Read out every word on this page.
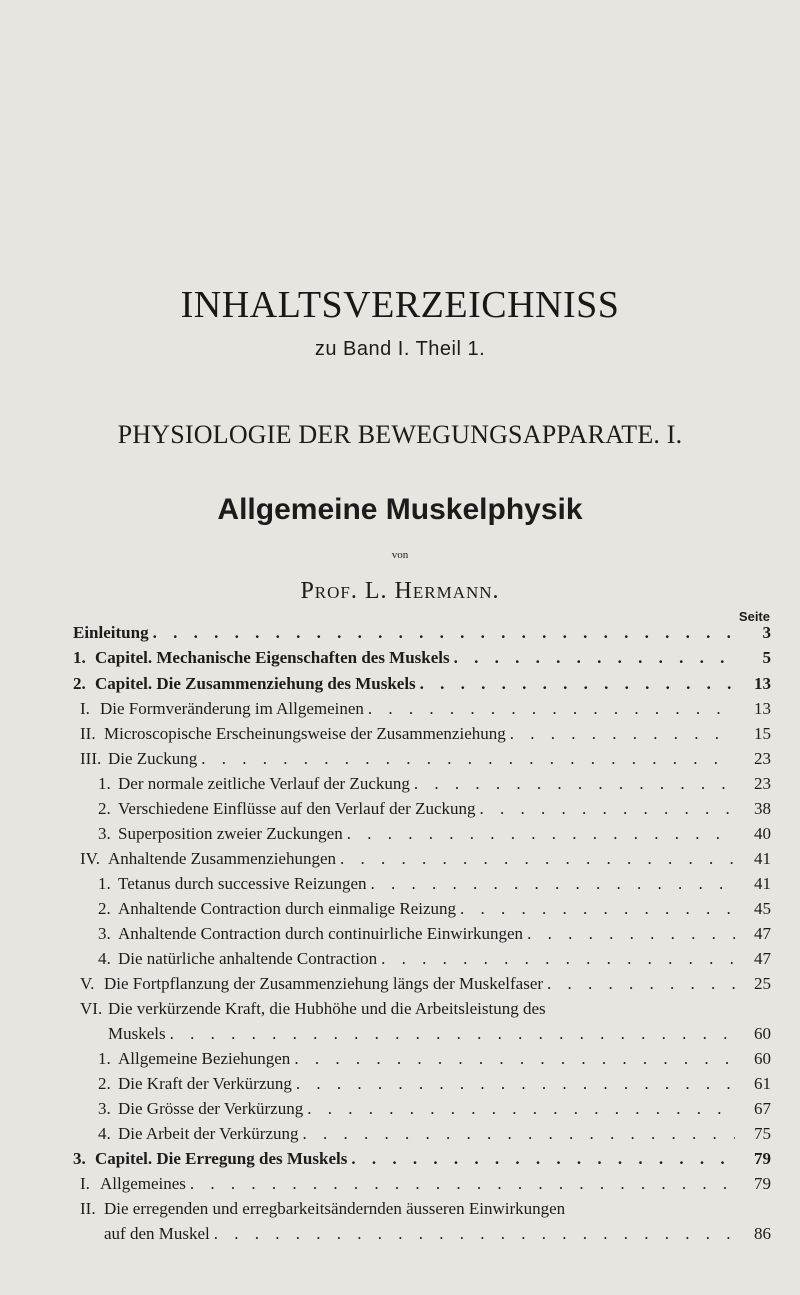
INHALTSVERZEICHNISS
zu Band I. Theil 1.
PHYSIOLOGIE DER BEWEGUNGSAPPARATE. I.
Allgemeine Muskelphysik
von
Prof. L. Hermann.
Seite
Einleitung . . .	3
1. Capitel. Mechanische Eigenschaften des Muskels . . .	5
2. Capitel. Die Zusammenziehung des Muskels . . .	13
I. Die Formveränderung im Allgemeinen . . .	13
II. Microscopische Erscheinungsweise der Zusammenziehung . . .	15
III. Die Zuckung . . .	23
1. Der normale zeitliche Verlauf der Zuckung . . .	23
2. Verschiedene Einflüsse auf den Verlauf der Zuckung . . .	38
3. Superposition zweier Zuckungen . . .	40
IV. Anhaltende Zusammenziehungen . . .	41
1. Tetanus durch successive Reizungen . . .	41
2. Anhaltende Contraction durch einmalige Reizung . . .	45
3. Anhaltende Contraction durch continuirliche Einwirkungen . . .	47
4. Die natürliche anhaltende Contraction . . .	47
V. Die Fortpflanzung der Zusammenziehung längs der Muskelfaser . . .	25
VI. Die verkürzende Kraft, die Hubhöhe und die Arbeitsleistung des
Muskels . . .	60
1. Allgemeine Beziehungen . . .	60
2. Die Kraft der Verkürzung . . .	61
3. Die Grösse der Verkürzung . . .	67
4. Die Arbeit der Verkürzung . . .	75
3. Capitel. Die Erregung des Muskels . . .	79
I. Allgemeines . . .	79
II. Die erregenden und erregbarkeitsändernden äusseren Einwirkungen
auf den Muskel . . .	86
